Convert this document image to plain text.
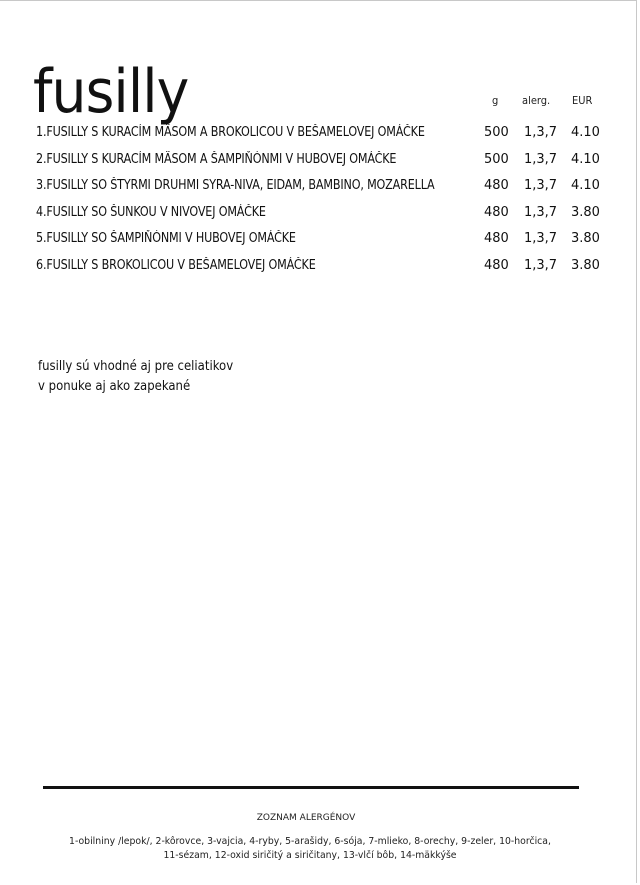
fusilly	g alerg. EUR
1.FUSILLY S KURACÍM MÄSOM A BROKOLICOU V BEŠAMELOVEJ OMÁČKE	500 1,3,7 4.10
2.FUSILLY S KURACÍM MÄSOM A ŠAMPIŇÓNMI V HUBOVEJ OMÁČKE	500 1,3,7 4.10
3.FUSILLY SO ŠTYRMI DRUHMI SYRA-NIVA, EIDAM, BAMBINO, MOZARELLA	480 1,3,7 4.10
4.FUSILLY SO ŠUNKOU V NIVOVEJ OMÁČKE	480 1,3,7 3.80
5.FUSILLY SO ŠAMPIŇÓNMI V HUBOVEJ OMÁČKE	480 1,3,7 3.80
6.FUSILLY S BROKOLICOU V BEŠAMELOVEJ OMÁČKE	480 1,3,7 3.80
fusilly sú vhodné aj pre celiatikov
v ponuke aj ako zapekané
ZOZNAM ALERGÉNOV
1-obilniny /lepok/, 2-kôrovce, 3-vajcia, 4-ryby, 5-arašidy, 6-sója, 7-mlieko, 8-orechy, 9-zeler, 10-horčica,
11-sézam, 12-oxid siričitý a siričitany, 13-vlčí bôb, 14-mäkkýše
